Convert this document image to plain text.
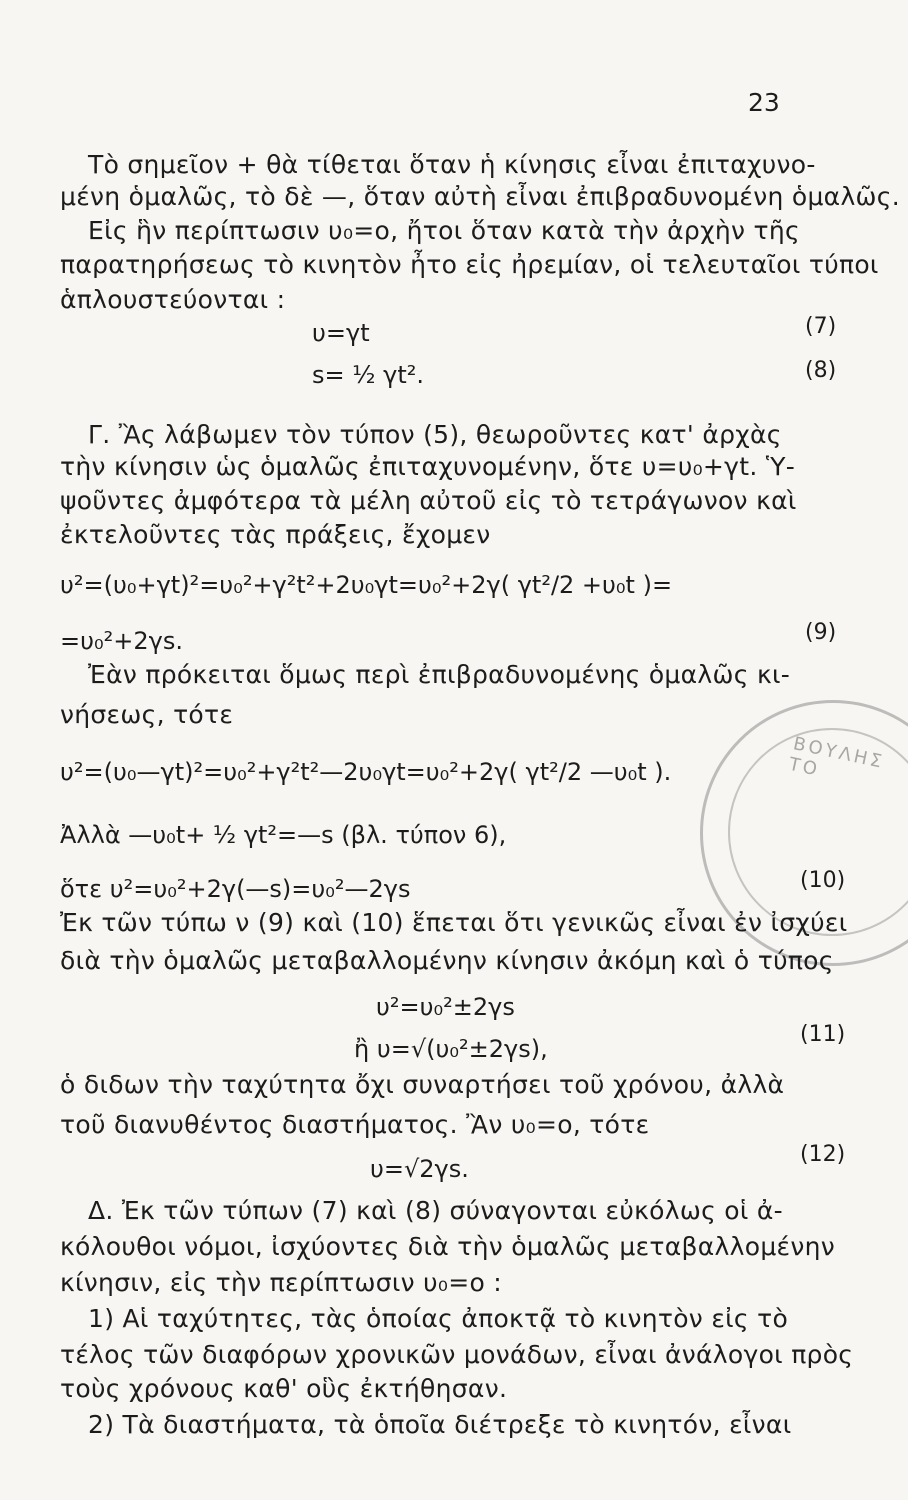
ΒΟΥΛΗΣ ΤΟ
23
Τὸ σημεῖον + θὰ τίθεται ὅταν ἡ κίνησις εἶναι ἐπιταχυνο-
μένη ὁμαλῶς, τὸ δὲ —, ὅταν αὐτὴ εἶναι ἐπιβραδυνομένη ὁμαλῶς.
Εἰς ἣν περίπτωσιν υ₀=ο, ἤτοι ὅταν κατὰ τὴν ἀρχὴν τῆς
παρατηρήσεως τὸ κινητὸν ἦτο εἰς ἠρεμίαν, οἱ τελευταῖοι τύποι
ἁπλουστεύονται :
υ=γt	(7)
s= ½ γt².	(8)
Γ. Ἂς λάβωμεν τὸν τύπον (5), θεωροῦντες κατ' ἀρχὰς
τὴν κίνησιν ὡς ὁμαλῶς ἐπιταχυνομένην, ὅτε υ=υ₀+γt. Ὑ-
ψοῦντες ἀμφότερα τὰ μέλη αὐτοῦ εἰς τὸ τετράγωνον καὶ
ἐκτελοῦντες τὰς πράξεις, ἔχομεν
υ²=(υ₀+γt)²=υ₀²+γ²t²+2υ₀γt=υ₀²+2γ( γt²/2 +υ₀t )=
=υ₀²+2γs.	(9)
Ἐὰν πρόκειται ὅμως περὶ ἐπιβραδυνομένης ὁμαλῶς κι-
νήσεως, τότε
υ²=(υ₀—γt)²=υ₀²+γ²t²—2υ₀γt=υ₀²+2γ( γt²/2 —υ₀t ).
Ἀλλὰ —υ₀t+ ½ γt²=—s (βλ. τύπον 6),
ὅτε υ²=υ₀²+2γ(—s)=υ₀²—2γs	(10)
Ἐκ τῶν τύπω ν (9) καὶ (10) ἕπεται ὅτι γενικῶς εἶναι ἐν ἰσχύει
διὰ τὴν ὁμαλῶς μεταβαλλομένην κίνησιν ἀκόμη καὶ ὁ τύπος
υ²=υ₀²±2γs
ἢ υ=√(υ₀²±2γs),
(11)
ὁ διδων τὴν ταχύτητα ὄχι συναρτήσει τοῦ χρόνου, ἀλλὰ
τοῦ διανυθέντος διαστήματος. Ἂν υ₀=ο, τότε
υ=√2γs.
(12)
Δ. Ἐκ τῶν τύπων (7) καὶ (8) σύναγονται εὐκόλως οἱ ἀ-
κόλουθοι νόμοι, ἰσχύοντες διὰ τὴν ὁμαλῶς μεταβαλλομένην
κίνησιν, εἰς τὴν περίπτωσιν υ₀=ο :
1) Αἱ ταχύτητες, τὰς ὁποίας ἀποκτᾷ τὸ κινητὸν εἰς τὸ
τέλος τῶν διαφόρων χρονικῶν μονάδων, εἶναι ἀνάλογοι πρὸς
τοὺς χρόνους καθ' οὓς ἐκτήθησαν.
2) Τὰ διαστήματα, τὰ ὁποῖα διέτρεξε τὸ κινητόν, εἶναι
